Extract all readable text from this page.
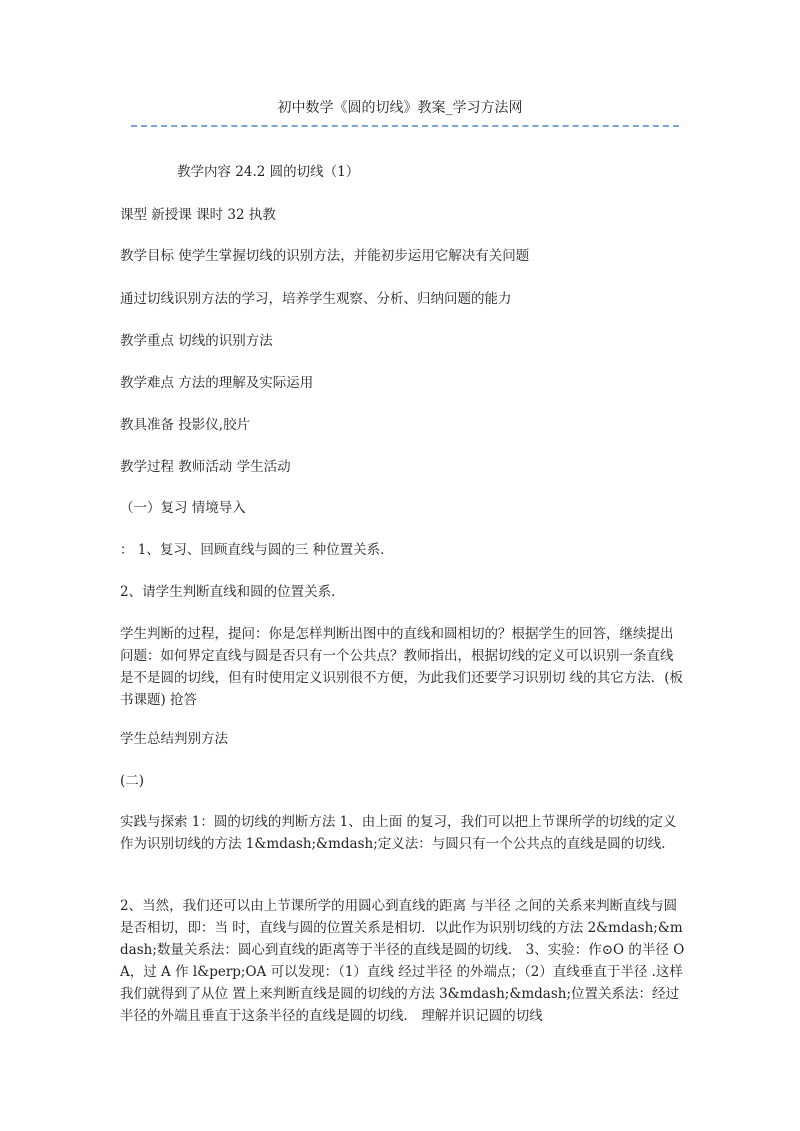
初中数学《圆的切线》教案_学习方法网
教学内容 24.2 圆的切线（1）
课型 新授课 课时 32 执教
教学目标 使学生掌握切线的识别方法，并能初步运用它解决有关问题
通过切线识别方法的学习，培养学生观察、分析、归纳问题的能力
教学重点 切线的识别方法
教学难点 方法的理解及实际运用
教具准备 投影仪,胶片
教学过程 教师活动 学生活动
（一）复习 情境导入
： 1、复习、回顾直线与圆的三 种位置关系．
2、请学生判断直线和圆的位置关系．
学生判断的过程，提问：你是怎样判断出图中的直线和圆相切的？根据学生的回答，继续提出 问题：如何界定直线与圆是否只有一个公共点？教师指出，根据切线的定义可以识别一条直线是不是圆的切线，但有时使用定义识别很不方便，为此我们还要学习识别切 线的其它方法．(板书课题) 抢答
学生总结判别方法
(二)
实践与探索 1：圆的切线的判断方法 1、由上面 的复习，我们可以把上节课所学的切线的定义作为识别切线的方法 1&mdash;&mdash;定义法：与圆只有一个公共点的直线是圆的切线．
2、当然，我们还可以由上节课所学的用圆心到直线的距离 与半径 之间的关系来判断直线与圆是否相切，即：当 时，直线与圆的位置关系是相切．以此作为识别切线的方法 2&mdash;&mdash;数量关系法：圆心到直线的距离等于半径的直线是圆的切线． 3、实验：作⊙O 的半径 OA，过 A 作 l&perp;OA 可以发现：（1）直线 经过半径 的外端点；（2）直线垂直于半径 .这样我们就得到了从位 置上来判断直线是圆的切线的方法 3&mdash;&mdash;位置关系法：经过半径的外端且垂直于这条半径的直线是圆的切线． 理解并识记圆的切线
